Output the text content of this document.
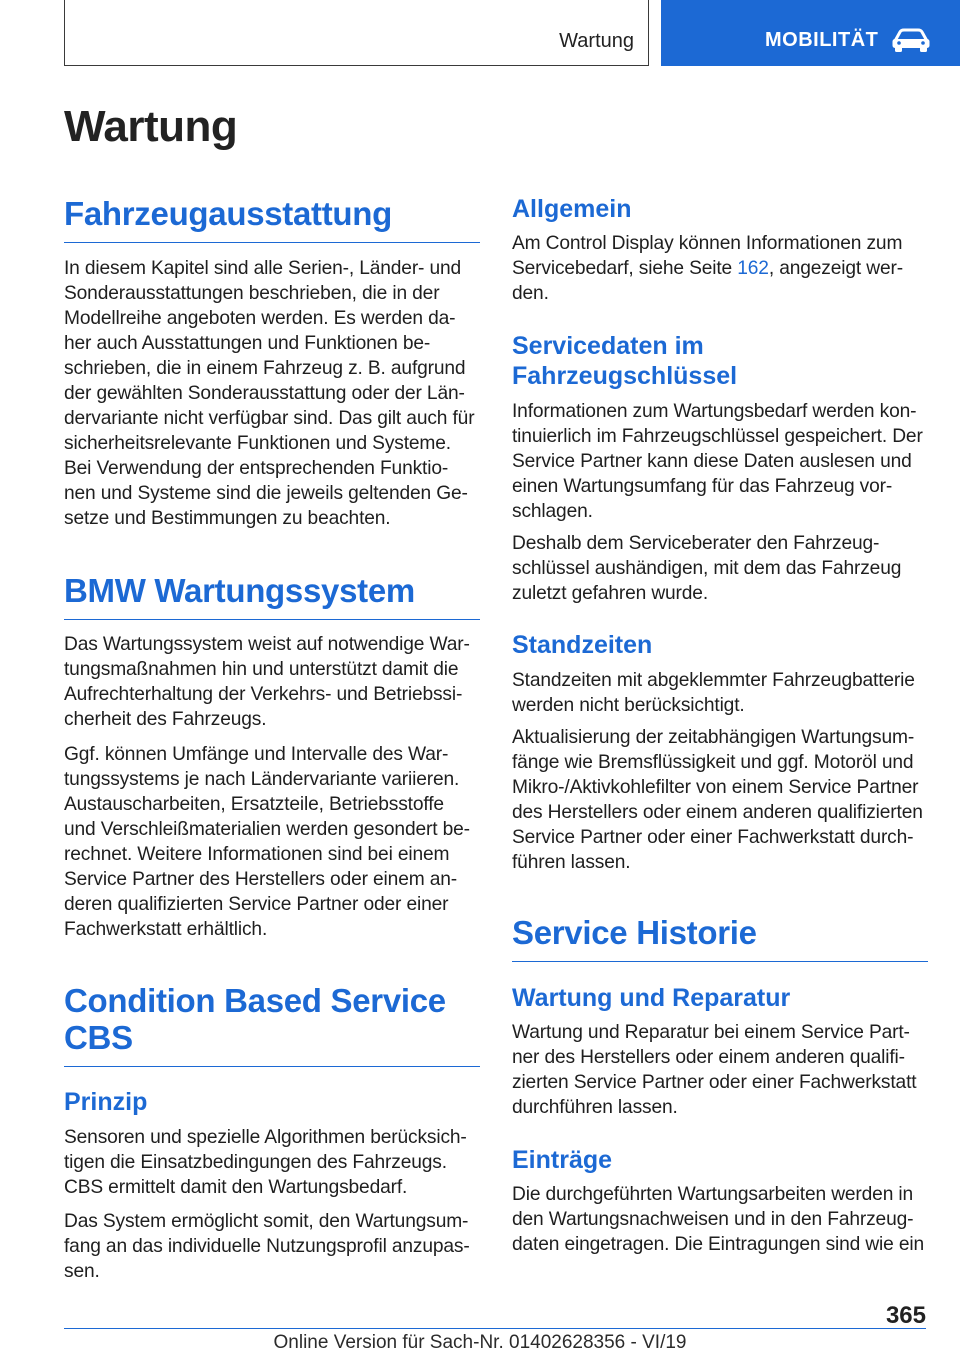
Wartung	MOBILITÄT
Wartung
Fahrzeugausstattung
In diesem Kapitel sind alle Serien-, Länder- und
Sonderausstattungen beschrieben, die in der
Modellreihe angeboten werden. Es werden da-
her auch Ausstattungen und Funktionen be-
schrieben, die in einem Fahrzeug z. B. aufgrund
der gewählten Sonderausstattung oder der Län-
dervariante nicht verfügbar sind. Das gilt auch für
sicherheitsrelevante Funktionen und Systeme.
Bei Verwendung der entsprechenden Funktio-
nen und Systeme sind die jeweils geltenden Ge-
setze und Bestimmungen zu beachten.
BMW Wartungssystem
Das Wartungssystem weist auf notwendige War-
tungsmaßnahmen hin und unterstützt damit die
Aufrechterhaltung der Verkehrs- und Betriebssi-
cherheit des Fahrzeugs.
Ggf. können Umfänge und Intervalle des War-
tungssystems je nach Ländervariante variieren.
Austauscharbeiten, Ersatzteile, Betriebsstoffe
und Verschleißmaterialien werden gesondert be-
rechnet. Weitere Informationen sind bei einem
Service Partner des Herstellers oder einem an-
deren qualifizierten Service Partner oder einer
Fachwerkstatt erhältlich.
Condition Based Service
CBS
Prinzip
Sensoren und spezielle Algorithmen berücksich-
tigen die Einsatzbedingungen des Fahrzeugs.
CBS ermittelt damit den Wartungsbedarf.
Das System ermöglicht somit, den Wartungsum-
fang an das individuelle Nutzungsprofil anzupas-
sen.
Allgemein
Am Control Display können Informationen zum
Servicebedarf, siehe Seite 162, angezeigt wer-
den.
Servicedaten im
Fahrzeugschlüssel
Informationen zum Wartungsbedarf werden kon-
tinuierlich im Fahrzeugschlüssel gespeichert. Der
Service Partner kann diese Daten auslesen und
einen Wartungsumfang für das Fahrzeug vor-
schlagen.
Deshalb dem Serviceberater den Fahrzeug-
schlüssel aushändigen, mit dem das Fahrzeug
zuletzt gefahren wurde.
Standzeiten
Standzeiten mit abgeklemmter Fahrzeugbatterie
werden nicht berücksichtigt.
Aktualisierung der zeitabhängigen Wartungsum-
fänge wie Bremsflüssigkeit und ggf. Motoröl und
Mikro-/Aktivkohlefilter von einem Service Partner
des Herstellers oder einem anderen qualifizierten
Service Partner oder einer Fachwerkstatt durch-
führen lassen.
Service Historie
Wartung und Reparatur
Wartung und Reparatur bei einem Service Part-
ner des Herstellers oder einem anderen qualifi-
zierten Service Partner oder einer Fachwerkstatt
durchführen lassen.
Einträge
Die durchgeführten Wartungsarbeiten werden in
den Wartungsnachweisen und in den Fahrzeug-
daten eingetragen. Die Eintragungen sind wie ein
365
Online Version für Sach-Nr. 01402628356 - VI/19
